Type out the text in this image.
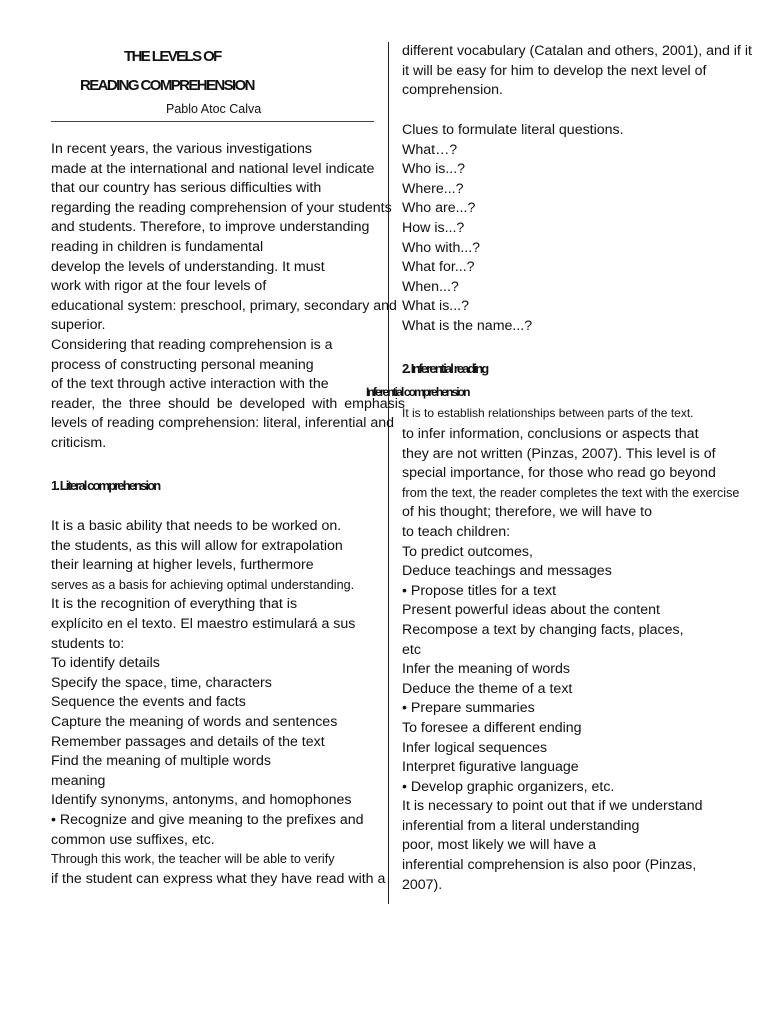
THE LEVELS OF
READING COMPREHENSION
Pablo Atoc Calva
In recent years, the various investigations
made at the international and national level indicate
that our country has serious difficulties with
regarding the reading comprehension of your students
and students. Therefore, to improve understanding
reading in children is fundamental
develop the levels of understanding. It must
work with rigor at the four levels of
educational system: preschool, primary, secondary and
superior.
Considering that reading comprehension is a
process of constructing personal meaning
of the text through active interaction with the
reader, the three should be developed with emphasis
levels of reading comprehension: literal, inferential and
criticism.
1. Literal comprehension
It is a basic ability that needs to be worked on.
the students, as this will allow for extrapolation
their learning at higher levels, furthermore
serves as a basis for achieving optimal understanding.
It is the recognition of everything that is
explícito en el texto. El maestro estimulará a sus
students to:
To identify details
Specify the space, time, characters
Sequence the events and facts
Capture the meaning of words and sentences
Remember passages and details of the text
Find the meaning of multiple words
meaning
Identify synonyms, antonyms, and homophones
• Recognize and give meaning to the prefixes and
common use suffixes, etc.
Through this work, the teacher will be able to verify
if the student can express what they have read with a
different vocabulary (Catalan and others, 2001), and if it
it will be easy for him to develop the next level of
comprehension.
Clues to formulate literal questions.
What…?
Who is...?
Where...?
Who are...?
How is...?
Who with...?
What for...?
When...?
What is...?
What is the name...?
2. Inferential reading
Inferential comprehension
It is to establish relationships between parts of the text.
to infer information, conclusions or aspects that
they are not written (Pinzas, 2007). This level is of
special importance, for those who read go beyond
from the text, the reader completes the text with the exercise
of his thought; therefore, we will have to
to teach children:
To predict outcomes,
Deduce teachings and messages
• Propose titles for a text
Present powerful ideas about the content
Recompose a text by changing facts, places,
etc
Infer the meaning of words
Deduce the theme of a text
• Prepare summaries
To foresee a different ending
Infer logical sequences
Interpret figurative language
• Develop graphic organizers, etc.
It is necessary to point out that if we understand
inferential from a literal understanding
poor, most likely we will have a
inferential comprehension is also poor (Pinzas,
2007).
